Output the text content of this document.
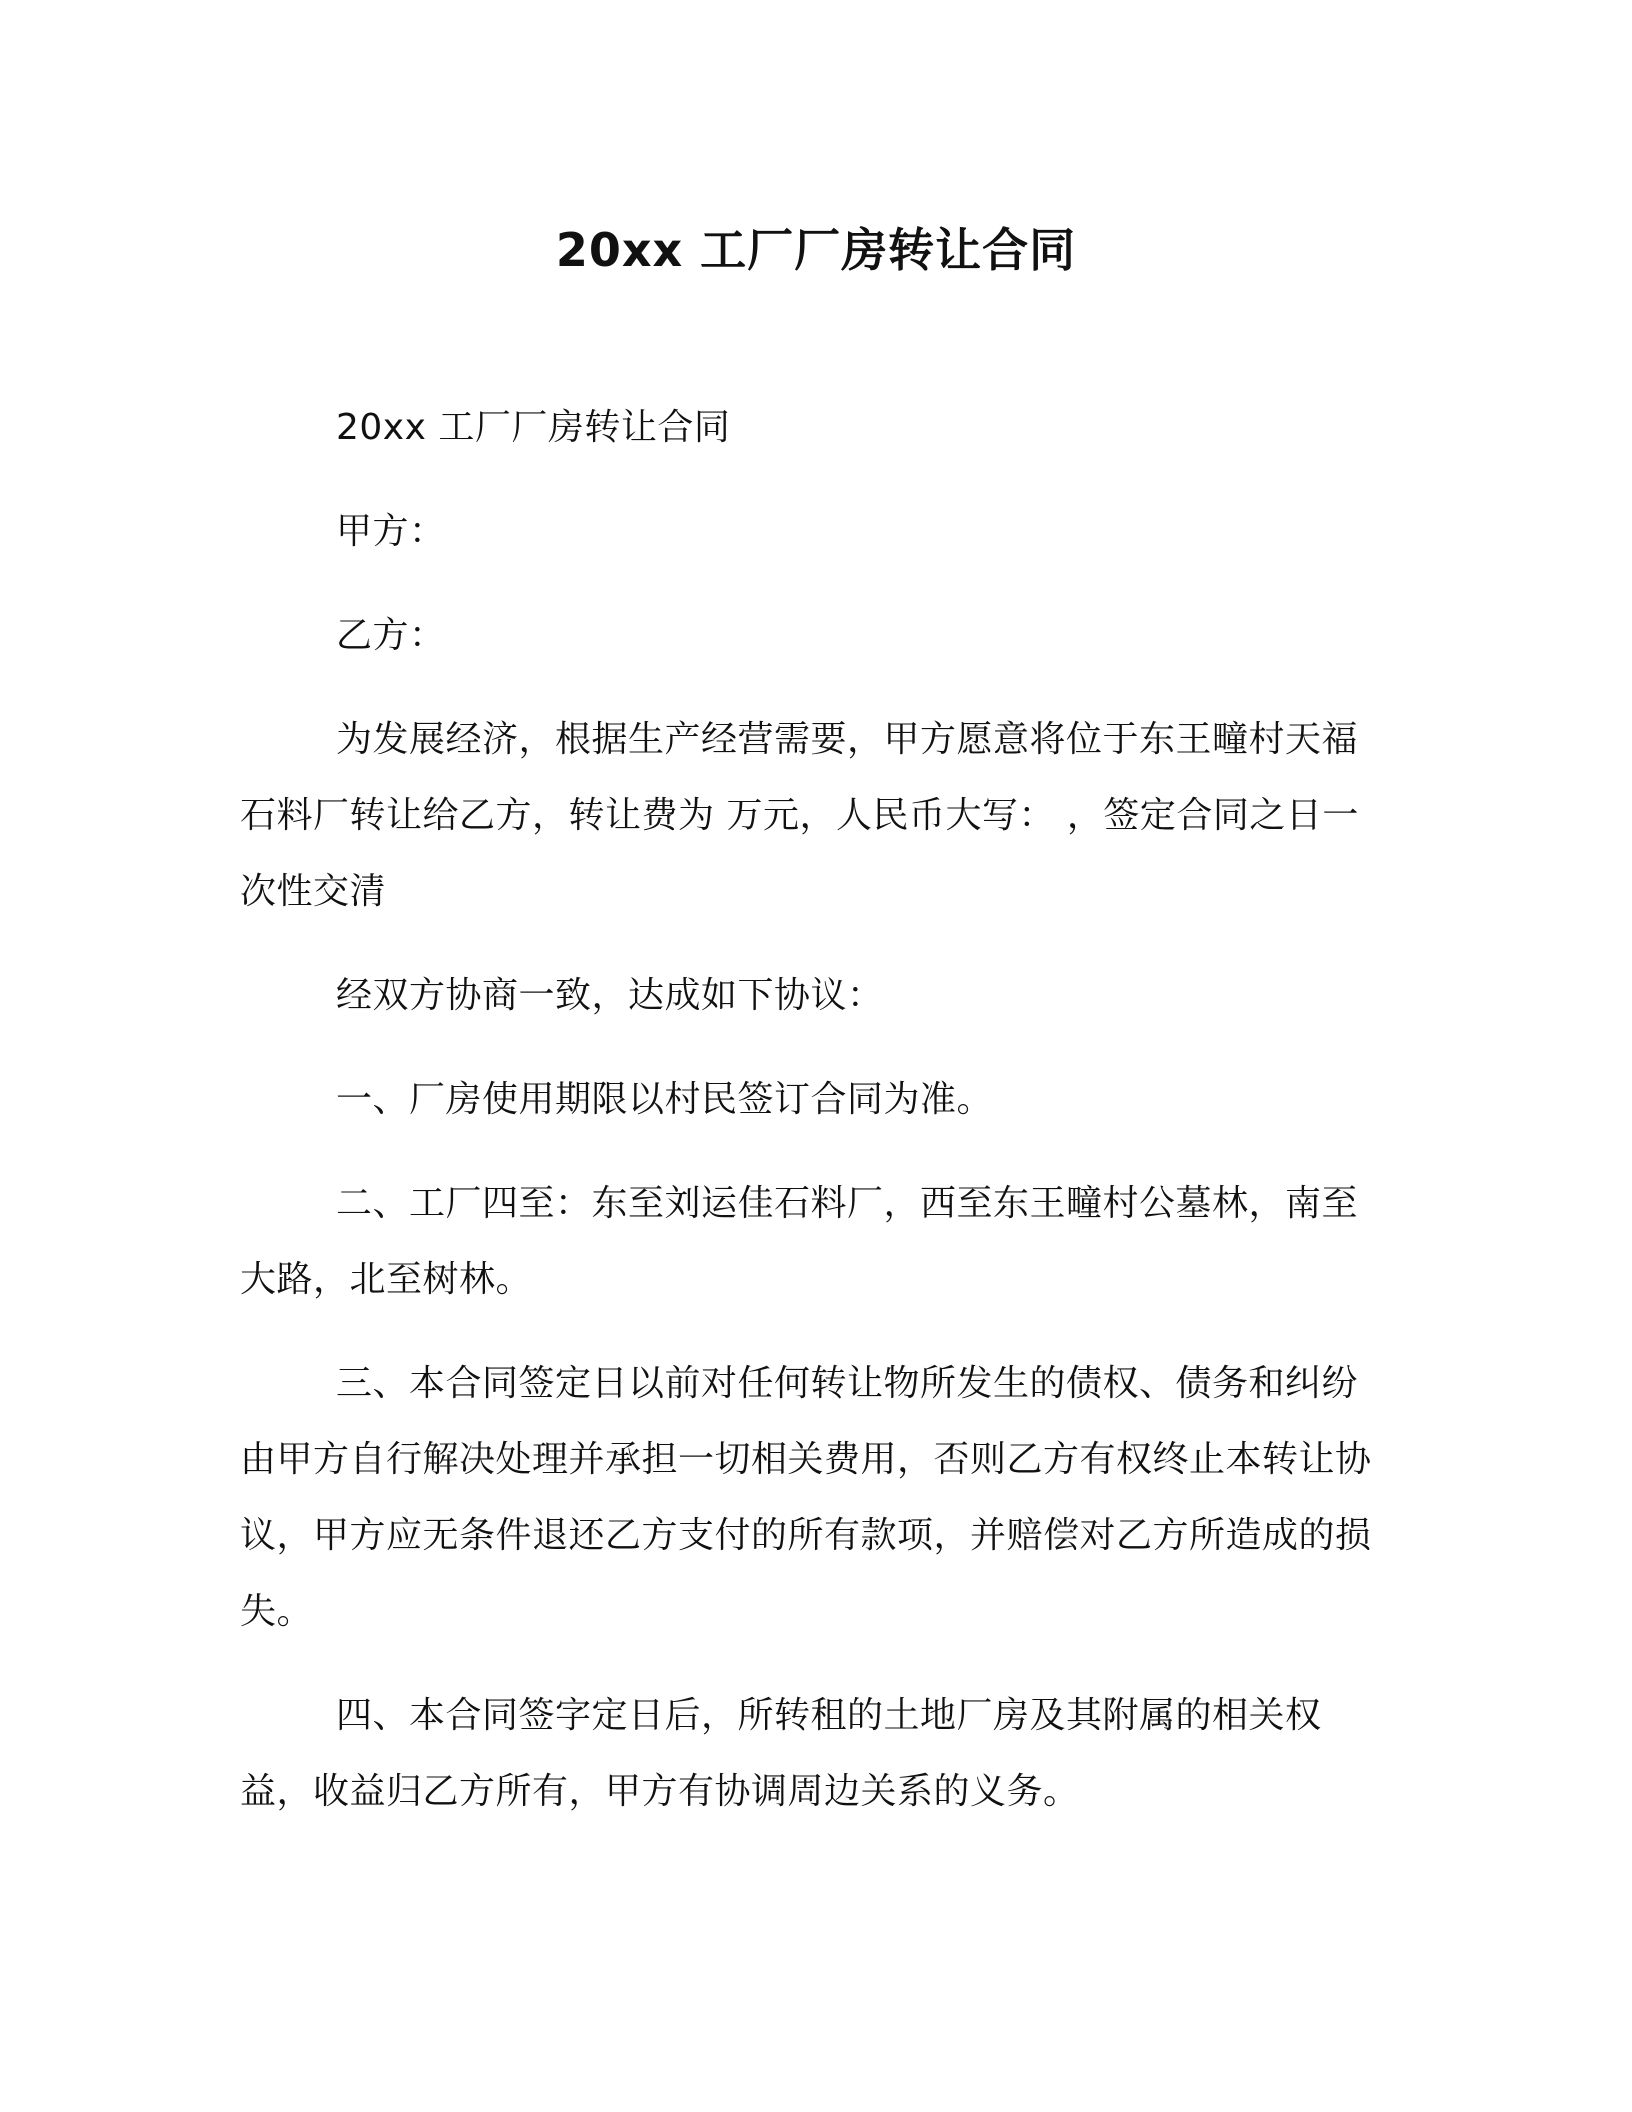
20xx 工厂厂房转让合同

20xx 工厂厂房转让合同

甲方：

乙方：

为发展经济，根据生产经营需要，甲方愿意将位于东王疃村天福石料厂转让给乙方，转让费为 万元，人民币大写： ，签定合同之日一次性交清

经双方协商一致，达成如下协议：

一、厂房使用期限以村民签订合同为准。

二、工厂四至：东至刘运佳石料厂，西至东王疃村公墓林，南至大路，北至树林。

三、本合同签定日以前对任何转让物所发生的债权、债务和纠纷由甲方自行解决处理并承担一切相关费用，否则乙方有权终止本转让协议，甲方应无条件退还乙方支付的所有款项，并赔偿对乙方所造成的损失。

四、本合同签字定日后，所转租的土地厂房及其附属的相关权益，收益归乙方所有，甲方有协调周边关系的义务。
